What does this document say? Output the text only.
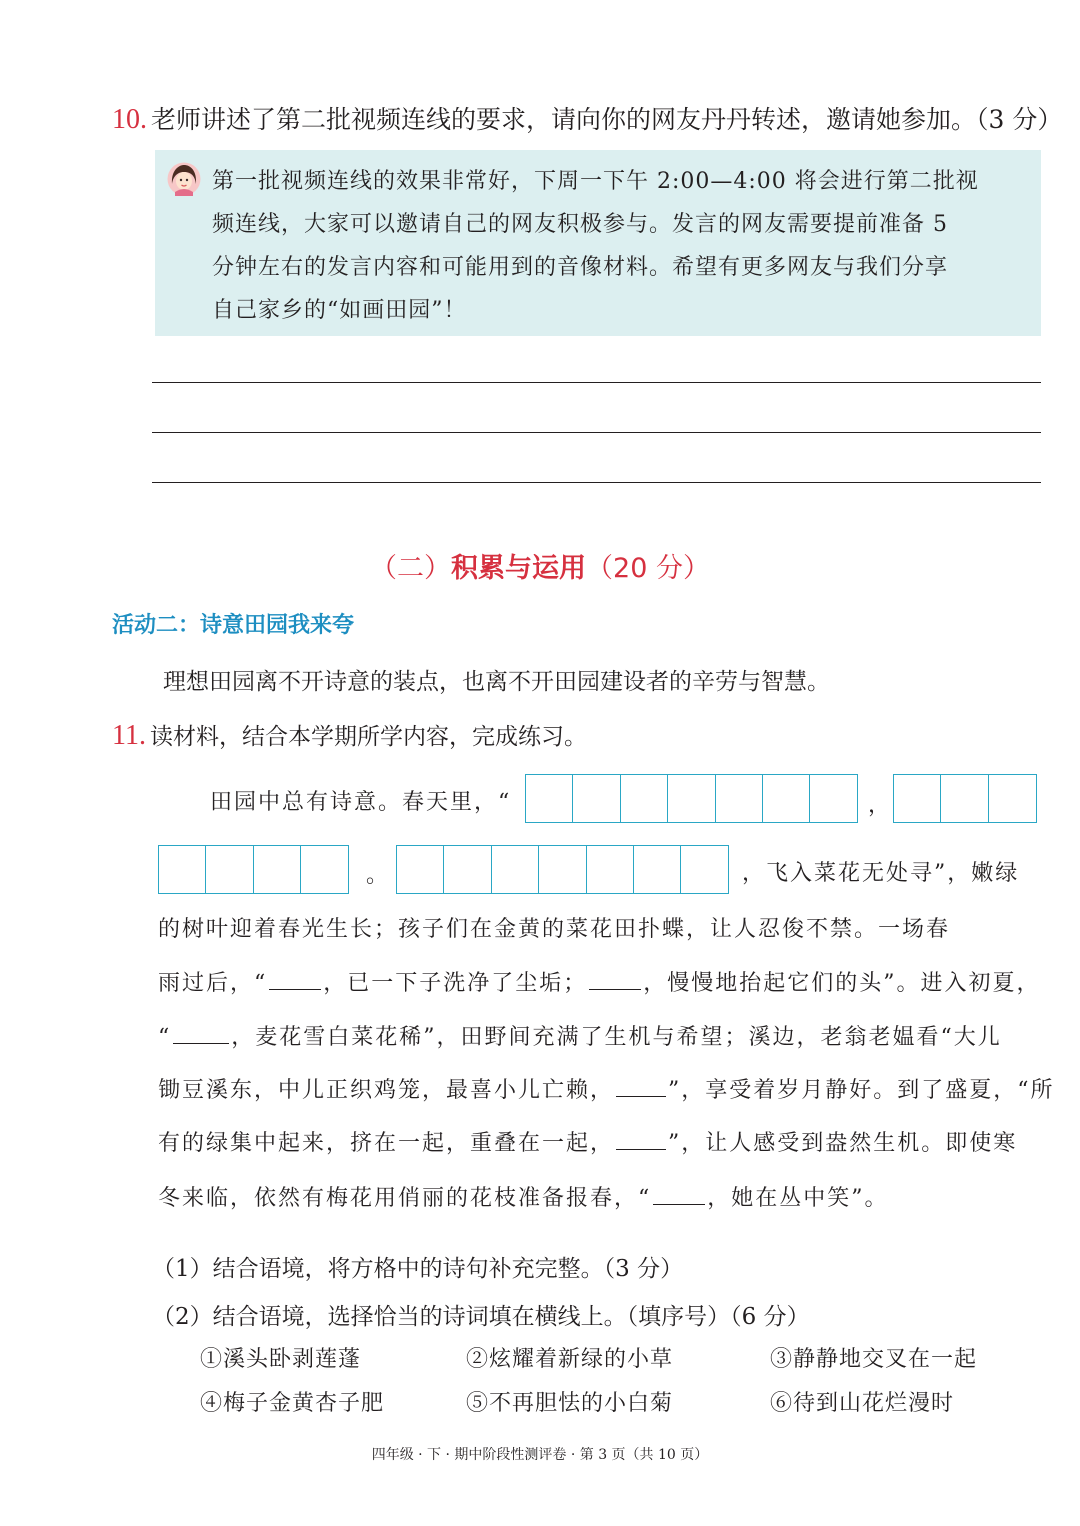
10. 老师讲述了第二批视频连线的要求，请向你的网友丹丹转述，邀请她参加。（3 分）
第一批视频连线的效果非常好，下周一下午 2:00—4:00 将会进行第二批视
频连线，大家可以邀请自己的网友积极参与。发言的网友需要提前准备 5
分钟左右的发言内容和可能用到的音像材料。希望有更多网友与我们分享
自己家乡的“如画田园”！
（二）积累与运用（20 分）
活动二：诗意田园我来夸
理想田园离不开诗意的装点，也离不开田园建设者的辛劳与智慧。
11. 读材料，结合本学期所学内容，完成练习。
田园中总有诗意。春天里，“	，
。	，飞入菜花无处寻”，嫩绿
的树叶迎着春光生长；孩子们在金黄的菜花田扑蝶，让人忍俊不禁。一场春
雨过后，“	，已一下子洗净了尘垢；	，慢慢地抬起它们的头”。进入初夏，
“	，麦花雪白菜花稀”，田野间充满了生机与希望；溪边，老翁老媪看“大儿
锄豆溪东，中儿正织鸡笼，最喜小儿亡赖， ”，享受着岁月静好。到了盛夏，“所
有的绿集中起来，挤在一起，重叠在一起， ”，让人感受到盎然生机。即使寒
冬来临，依然有梅花用俏丽的花枝准备报春，“	，她在丛中笑”。
（1）结合语境，将方格中的诗句补充完整。（3 分）
（2）结合语境，选择恰当的诗词填在横线上。（填序号）（6 分）
①溪头卧剥莲蓬	②炫耀着新绿的小草	③静静地交叉在一起
④梅子金黄杏子肥	⑤不再胆怯的小白菊	⑥待到山花烂漫时
四年级 · 下 · 期中阶段性测评卷 · 第 3 页（共 10 页）
